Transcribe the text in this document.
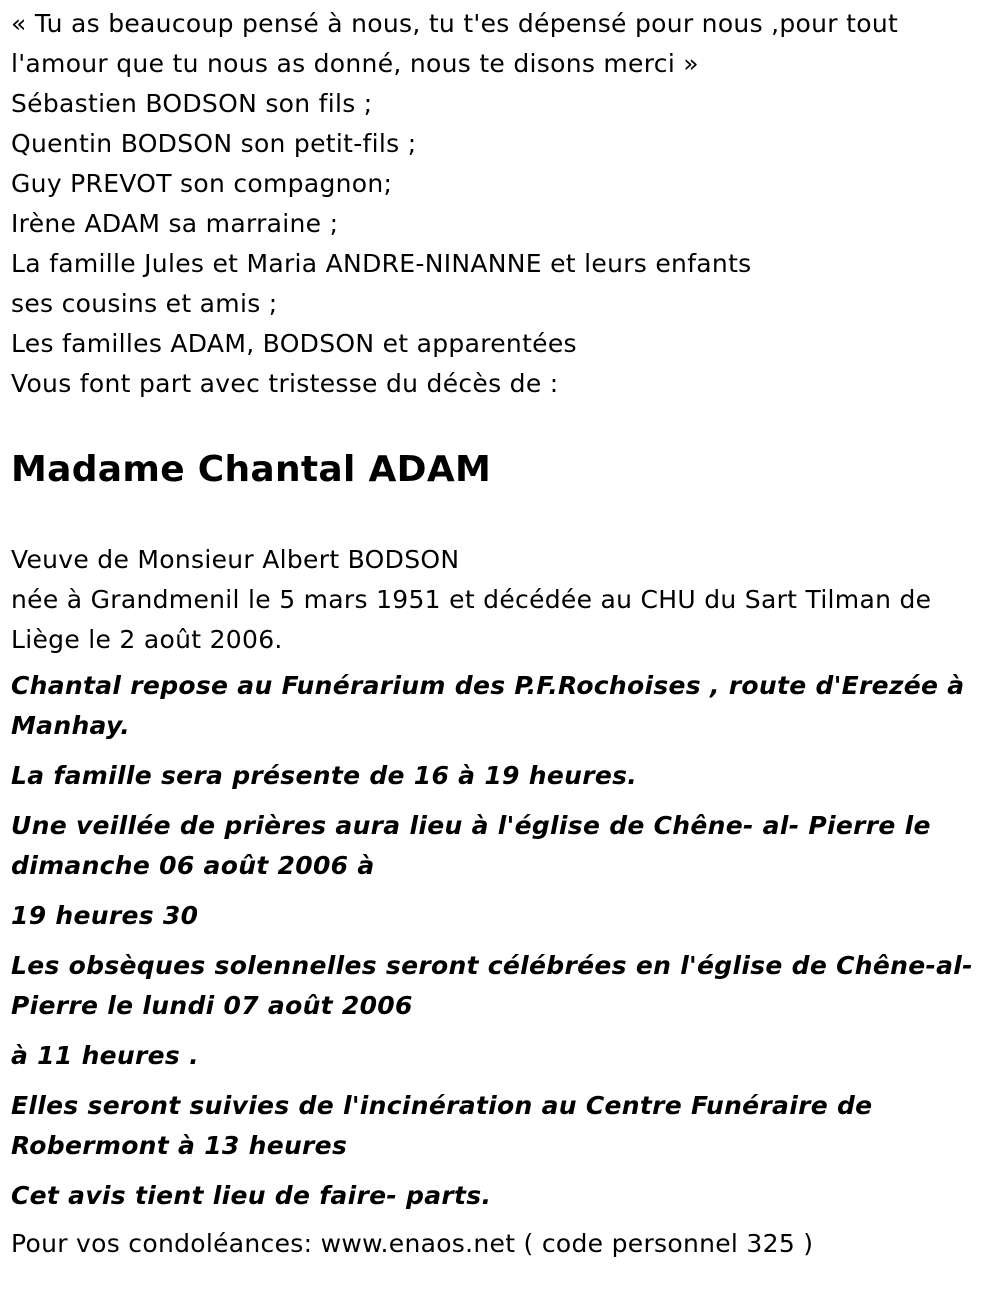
« Tu as beaucoup pensé à nous, tu t'es dépensé pour nous ,pour tout

l'amour que tu nous as donné, nous te disons merci »

Sébastien BODSON son fils ;

Quentin BODSON son petit-fils ;

Guy PREVOT son compagnon;

Irène ADAM sa marraine ;

La famille Jules et Maria ANDRE-NINANNE et leurs enfants

ses cousins et amis ;

Les familles ADAM, BODSON et apparentées

Vous font part avec tristesse du décès de :

Madame Chantal ADAM

Veuve de Monsieur Albert BODSON

née à Grandmenil le 5 mars 1951 et décédée au CHU du Sart Tilman de Liège le 2 août 2006.

Chantal repose au Funérarium des P.F.Rochoises , route d'Erezée à Manhay.

La famille sera présente de 16 à 19 heures.

Une veillée de prières aura lieu à l'église de Chêne- al- Pierre le dimanche 06 août 2006 à

19 heures 30

Les obsèques solennelles seront célébrées en l'église de Chêne-al-Pierre le lundi 07 août 2006

à 11 heures .

Elles seront suivies de l'incinération au Centre Funéraire de Robermont à 13 heures

Cet avis tient lieu de faire- parts.

Pour vos condoléances: www.enaos.net ( code personnel 325 )
